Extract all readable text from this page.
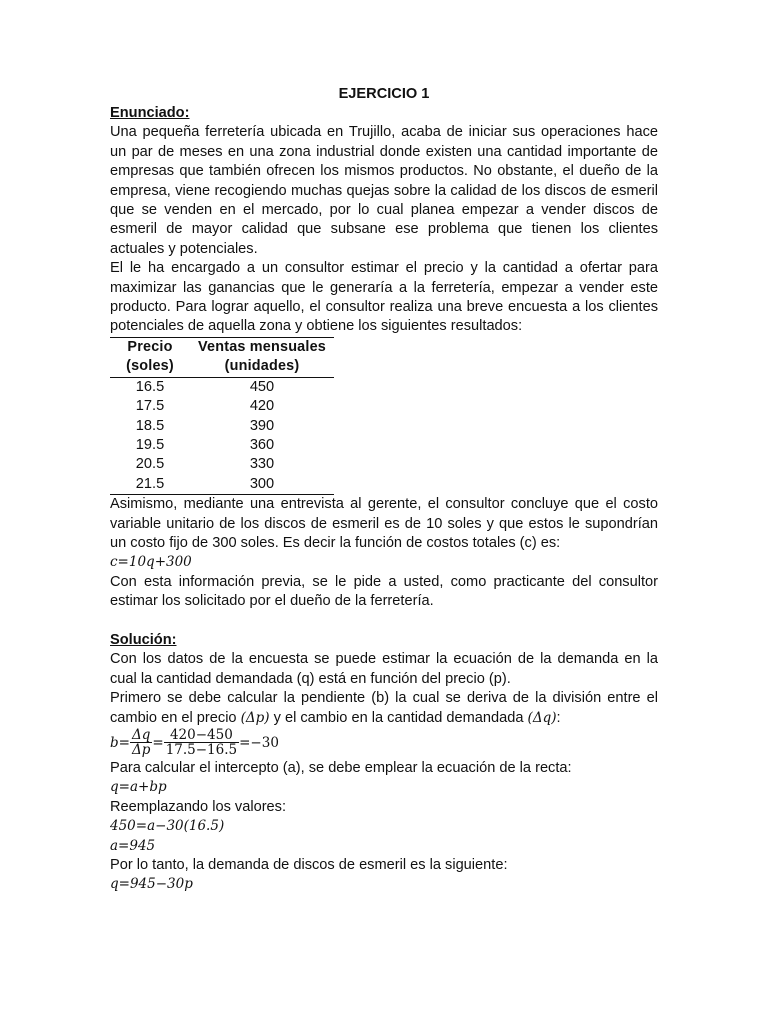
EJERCICIO 1
Enunciado:

Una pequeña ferretería ubicada en Trujillo, acaba de iniciar sus operaciones hace un par de meses en una zona industrial donde existen una cantidad importante de empresas que también ofrecen los mismos productos. No obstante, el dueño de la empresa, viene recogiendo muchas quejas sobre la calidad de los discos de esmeril que se venden en el mercado, por lo cual planea empezar a vender discos de esmeril de mayor calidad que subsane ese problema que tienen los clientes actuales y potenciales.

El le ha encargado a un consultor estimar el precio y la cantidad a ofertar para maximizar las ganancias que le generaría a la ferretería, empezar a vender este producto. Para lograr aquello, el consultor realiza una breve encuesta a los clientes potenciales de aquella zona y obtiene los siguientes resultados:

Precio	Ventas mensuales
(soles)	(unidades)
16.5	450
17.5	420
18.5	390
19.5	360
20.5	330
21.5	300

Asimismo, mediante una entrevista al gerente, el consultor concluye que el costo variable unitario de los discos de esmeril es de 10 soles y que estos le supondrían un costo fijo de 300 soles. Es decir la función de costos totales (c) es:

c=10q+300

Con esta información previa, se le pide a usted, como practicante del consultor estimar los solicitado por el dueño de la ferretería.

Solución:

Con los datos de la encuesta se puede estimar la ecuación de la demanda en la cual la cantidad demandada (q) está en función del precio (p).

Primero se debe calcular la pendiente (b) la cual se deriva de la división entre el cambio en el precio (Δp) y el cambio en la cantidad demandada (Δq):

$b= \frac{\Delta q}{\Delta p} = \frac{420-450}{17.5-16.5} =-30$

Para calcular el intercepto (a), se debe emplear la ecuación de la recta:

q=a+bp

Reemplazando los valores:

450=a−30(16.5)
a=945

Por lo tanto, la demanda de discos de esmeril es la siguiente:

q=945−30p
